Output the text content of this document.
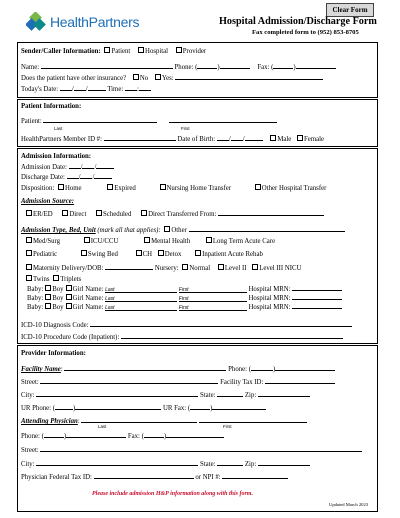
HealthPartners
Clear Form
Hospital Admission/Discharge Form
Fax completed form to (952) 853-8705
Sender/Caller Information: Patient Hospital Provider
Name:	Phone: (	)	Fax: (	)
Does the patient have other insurance? No Yes:
Today's Date: / /	Time: :
Patient Information:
Patient:
Last	First
HealthPartners Member ID #:	Date of Birth: / /	Male Female
Admission Information:
Admission Date: / /
Discharge Date: / /
Disposition: Home	Expired	Nursing Home Transfer	Other Hospital Transfer
Admission Source:
ER/ED Direct Scheduled Direct Transferred From:
Admission Type, Bed, Unit (mark all that applies): Other
Med/Surg	ICU/CCU	Mental Health	Long Term Acute Care
Pediatric	Swing Bed	CH Detox	Inpatient Acute Rehab
Maternity Delivery/DOB:	Nursery: Normal Level II Level III NICU
Twins Triplets
Baby: Boy Girl Name: Last	First	Hospital MRN:
Baby: Boy Girl Name: Last	First	Hospital MRN:
Baby: Boy Girl Name: Last	First	Hospital MRN:
ICD-10 Diagnosis Code:
ICD-10 Procedure Code (Inpatient):
Provider Information:
Facility Name:	Phone: (	)
Street:	Facility Tax ID:
City:	State:	Zip:
UR Phone: (	)	UR Fax: (	)
Attending Physician:
Last	First
Phone: (	)	Fax: (	)
Street:
City:	State:	Zip:
Physician Federal Tax ID:	or NPI #:
Please include admission H&P information along with this form.
Updated March 2023
